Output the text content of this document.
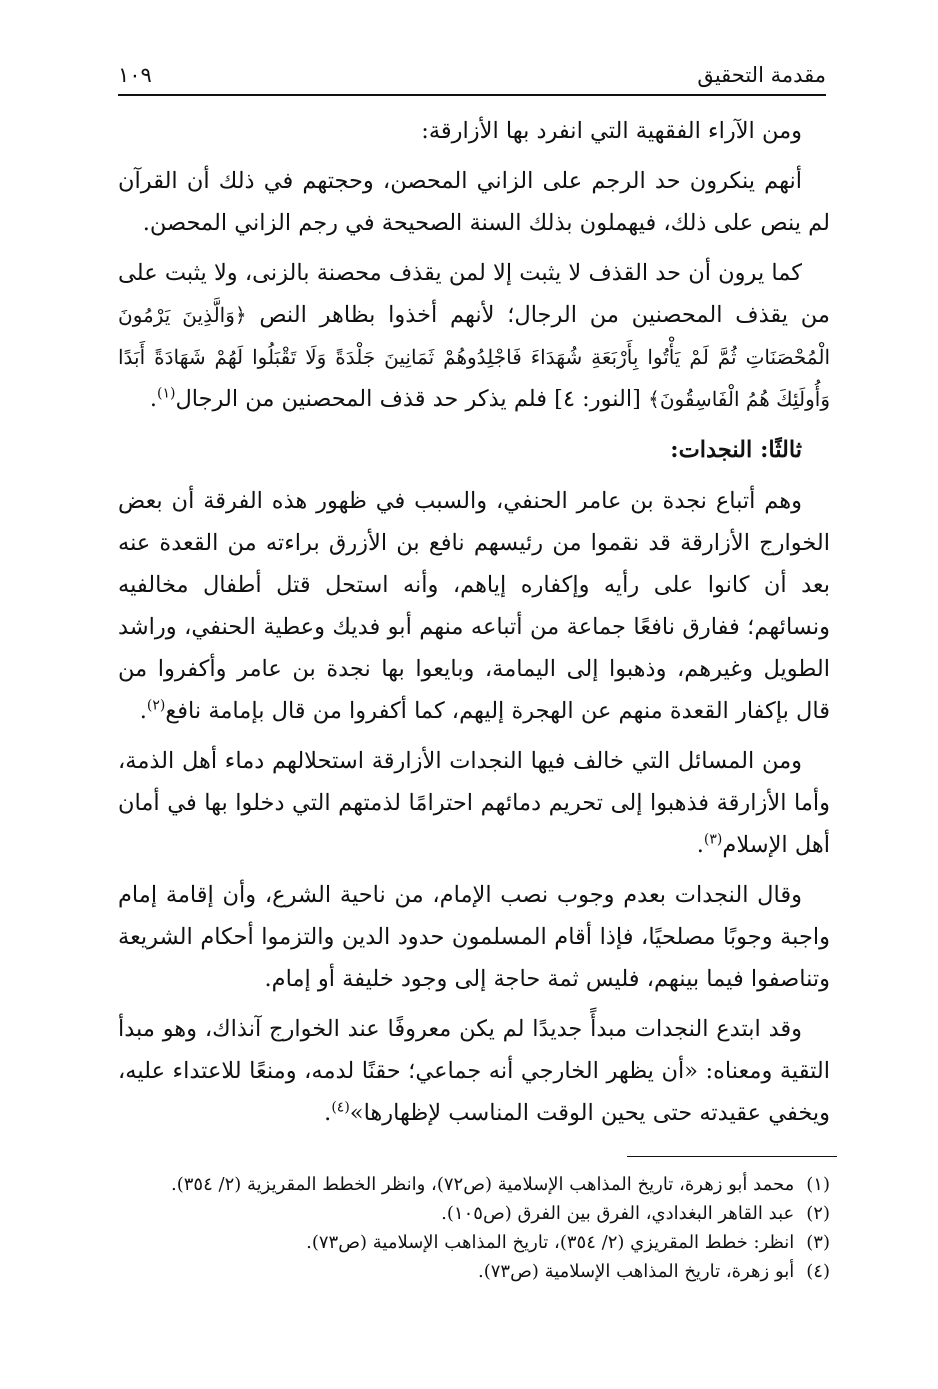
مقدمة التحقيق
١٠٩

ومن الآراء الفقهية التي انفرد بها الأزارقة:

أنهم ينكرون حد الرجم على الزاني المحصن، وحجتهم في ذلك أن القرآن لم ينص على ذلك، فيهملون بذلك السنة الصحيحة في رجم الزاني المحصن.

كما يرون أن حد القذف لا يثبت إلا لمن يقذف محصنة بالزنى، ولا يثبت على من يقذف المحصنين من الرجال؛ لأنهم أخذوا بظاهر النص ﴿وَالَّذِينَ يَرْمُونَ الْمُحْصَنَاتِ ثُمَّ لَمْ يَأْتُوا بِأَرْبَعَةِ شُهَدَاءَ فَاجْلِدُوهُمْ ثَمَانِينَ جَلْدَةً وَلَا تَقْبَلُوا لَهُمْ شَهَادَةً أَبَدًا وَأُولَئِكَ هُمُ الْفَاسِقُونَ﴾ [النور: ٤] فلم يذكر حد قذف المحصنين من الرجال$^{(١)}$.

ثالثًا: النجدات:

وهم أتباع نجدة بن عامر الحنفي، والسبب في ظهور هذه الفرقة أن بعض الخوارج الأزارقة قد نقموا من رئيسهم نافع بن الأزرق براءته من القعدة عنه بعد أن كانوا على رأيه وإكفاره إياهم، وأنه استحل قتل أطفال مخالفيه ونسائهم؛ ففارق نافعًا جماعة من أتباعه منهم أبو فديك وعطية الحنفي، وراشد الطويل وغيرهم، وذهبوا إلى اليمامة، وبايعوا بها نجدة بن عامر وأكفروا من قال بإكفار القعدة منهم عن الهجرة إليهم، كما أكفروا من قال بإمامة نافع$^{(٢)}$.

ومن المسائل التي خالف فيها النجدات الأزارقة استحلالهم دماء أهل الذمة، وأما الأزارقة فذهبوا إلى تحريم دمائهم احترامًا لذمتهم التي دخلوا بها في أمان أهل الإسلام$^{(٣)}$.

وقال النجدات بعدم وجوب نصب الإمام، من ناحية الشرع، وأن إقامة إمام واجبة وجوبًا مصلحيًا، فإذا أقام المسلمون حدود الدين والتزموا أحكام الشريعة وتناصفوا فيما بينهم، فليس ثمة حاجة إلى وجود خليفة أو إمام.

وقد ابتدع النجدات مبدأً جديدًا لم يكن معروفًا عند الخوارج آنذاك، وهو مبدأ التقية ومعناه: «أن يظهر الخارجي أنه جماعي؛ حقنًا لدمه، ومنعًا للاعتداء عليه، ويخفي عقيدته حتى يحين الوقت المناسب لإظهارها»$^{(٤)}$.

(١)محمد أبو زهرة، تاريخ المذاهب الإسلامية (ص٧٢)، وانظر الخطط المقريزية (٢/ ٣٥٤).
(٢)عبد القاهر البغدادي، الفرق بين الفرق (ص١٠٥).
(٣)انظر: خطط المقريزي (٢/ ٣٥٤)، تاريخ المذاهب الإسلامية (ص٧٣).
(٤)أبو زهرة، تاريخ المذاهب الإسلامية (ص٧٣).
